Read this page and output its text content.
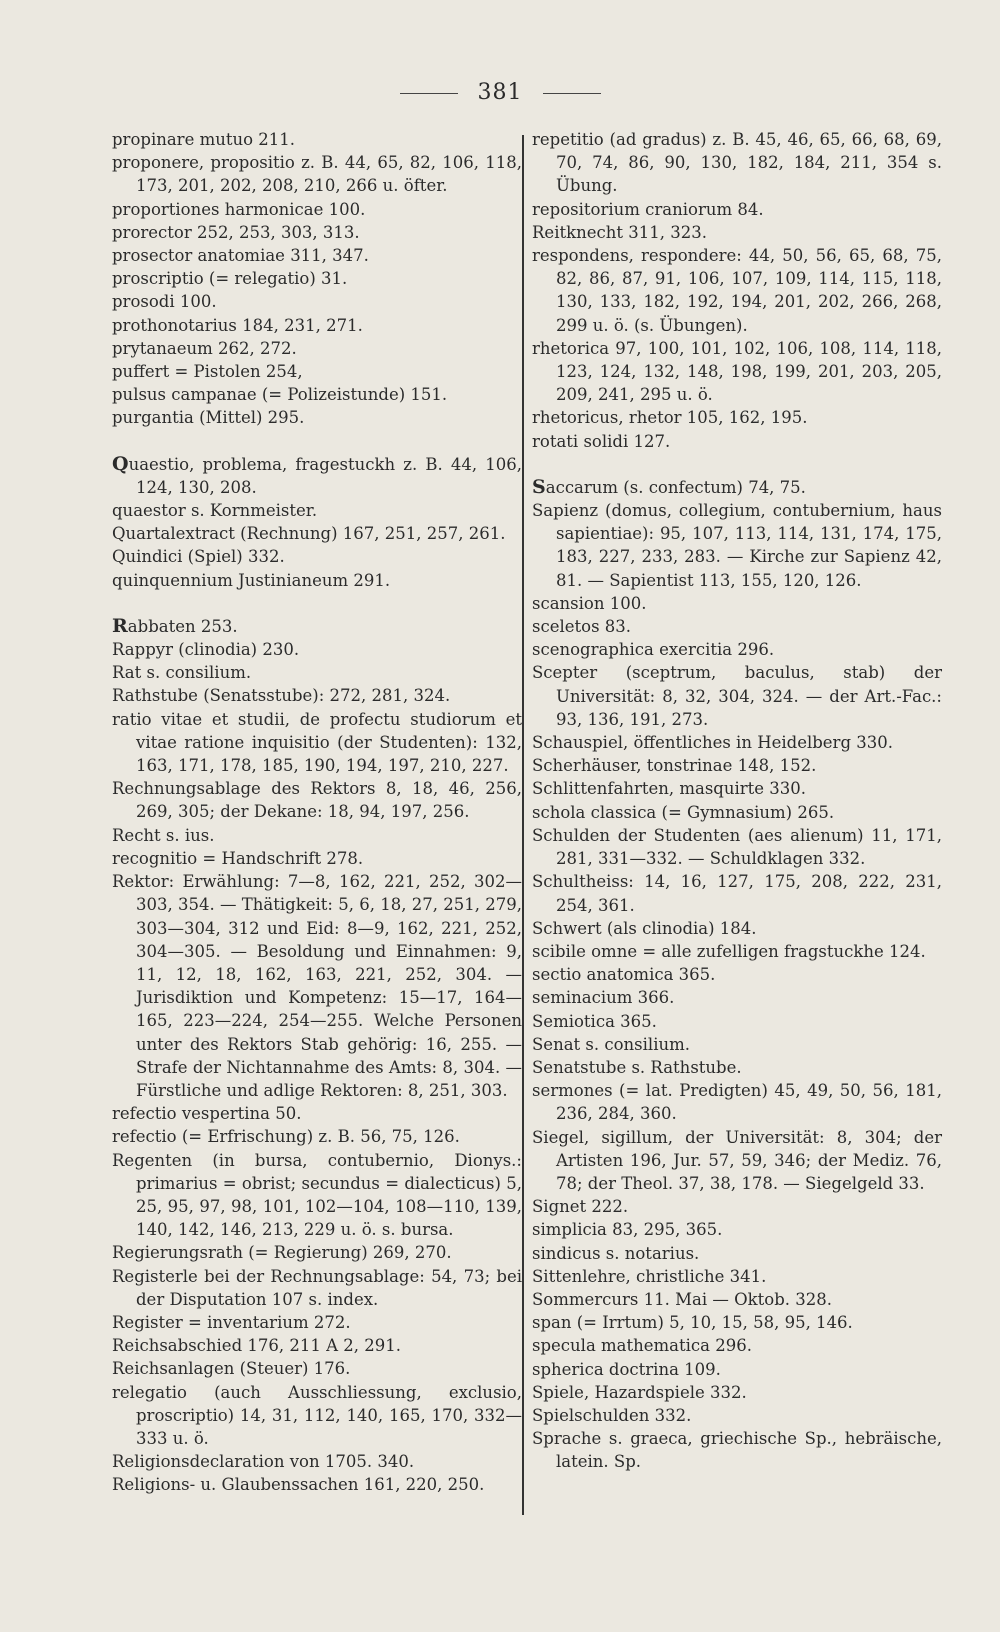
381
propinare mutuo 211.
proponere, propositio z. B. 44, 65, 82, 106, 118, 173, 201, 202, 208, 210, 266 u. öfter.
proportiones harmonicae 100.
prorector 252, 253, 303, 313.
prosector anatomiae 311, 347.
proscriptio (= relegatio) 31.
prosodi 100.
prothonotarius 184, 231, 271.
prytanaeum 262, 272.
puffert = Pistolen 254,
pulsus campanae (= Polizeistunde) 151.
purgantia (Mittel) 295.
Quaestio, problema, fragestuckh z. B. 44, 106, 124, 130, 208.
quaestor s. Kornmeister.
Quartalextract (Rechnung) 167, 251, 257, 261.
Quindici (Spiel) 332.
quinquennium Justinianeum 291.
Rabbaten 253.
Rappyr (clinodia) 230.
Rat s. consilium.
Rathstube (Senatsstube): 272, 281, 324.
ratio vitae et studii, de profectu studiorum et vitae ratione inquisitio (der Studenten): 132, 163, 171, 178, 185, 190, 194, 197, 210, 227.
Rechnungsablage des Rektors 8, 18, 46, 256, 269, 305; der Dekane: 18, 94, 197, 256.
Recht s. ius.
recognitio = Handschrift 278.
Rektor: Erwählung: 7—8, 162, 221, 252, 302—303, 354. — Thätigkeit: 5, 6, 18, 27, 251, 279, 303—304, 312 und Eid: 8—9, 162, 221, 252, 304—305. — Besoldung und Einnahmen: 9, 11, 12, 18, 162, 163, 221, 252, 304. — Jurisdiktion und Kompetenz: 15—17, 164—165, 223—224, 254—255. Welche Personen unter des Rektors Stab gehörig: 16, 255. — Strafe der Nichtannahme des Amts: 8, 304. — Fürstliche und adlige Rektoren: 8, 251, 303.
refectio vespertina 50.
refectio (= Erfrischung) z. B. 56, 75, 126.
Regenten (in bursa, contubernio, Dionys.: primarius = obrist; secundus = dialecticus) 5, 25, 95, 97, 98, 101, 102—104, 108—110, 139, 140, 142, 146, 213, 229 u. ö. s. bursa.
Regierungsrath (= Regierung) 269, 270.
Registerle bei der Rechnungsablage: 54, 73; bei der Disputation 107 s. index.
Register = inventarium 272.
Reichsabschied 176, 211 A 2, 291.
Reichsanlagen (Steuer) 176.
relegatio (auch Ausschliessung, exclusio, proscriptio) 14, 31, 112, 140, 165, 170, 332—333 u. ö.
Religionsdeclaration von 1705. 340.
Religions- u. Glaubenssachen 161, 220, 250.
repetitio (ad gradus) z. B. 45, 46, 65, 66, 68, 69, 70, 74, 86, 90, 130, 182, 184, 211, 354 s. Übung.
repositorium craniorum 84.
Reitknecht 311, 323.
respondens, respondere: 44, 50, 56, 65, 68, 75, 82, 86, 87, 91, 106, 107, 109, 114, 115, 118, 130, 133, 182, 192, 194, 201, 202, 266, 268, 299 u. ö. (s. Übungen).
rhetorica 97, 100, 101, 102, 106, 108, 114, 118, 123, 124, 132, 148, 198, 199, 201, 203, 205, 209, 241, 295 u. ö.
rhetoricus, rhetor 105, 162, 195.
rotati solidi 127.
Saccarum (s. confectum) 74, 75.
Sapienz (domus, collegium, contubernium, haus sapientiae): 95, 107, 113, 114, 131, 174, 175, 183, 227, 233, 283. — Kirche zur Sapienz 42, 81. — Sapientist 113, 155, 120, 126.
scansion 100.
sceletos 83.
scenographica exercitia 296.
Scepter (sceptrum, baculus, stab) der Universität: 8, 32, 304, 324. — der Art.-Fac.: 93, 136, 191, 273.
Schauspiel, öffentliches in Heidelberg 330.
Scherhäuser, tonstrinae 148, 152.
Schlittenfahrten, masquirte 330.
schola classica (= Gymnasium) 265.
Schulden der Studenten (aes alienum) 11, 171, 281, 331—332. — Schuldklagen 332.
Schultheiss: 14, 16, 127, 175, 208, 222, 231, 254, 361.
Schwert (als clinodia) 184.
scibile omne = alle zufelligen fragstuckhe 124.
sectio anatomica 365.
seminacium 366.
Semiotica 365.
Senat s. consilium.
Senatstube s. Rathstube.
sermones (= lat. Predigten) 45, 49, 50, 56, 181, 236, 284, 360.
Siegel, sigillum, der Universität: 8, 304; der Artisten 196, Jur. 57, 59, 346; der Mediz. 76, 78; der Theol. 37, 38, 178. — Siegelgeld 33.
Signet 222.
simplicia 83, 295, 365.
sindicus s. notarius.
Sittenlehre, christliche 341.
Sommercurs 11. Mai — Oktob. 328.
span (= Irrtum) 5, 10, 15, 58, 95, 146.
specula mathematica 296.
spherica doctrina 109.
Spiele, Hazardspiele 332.
Spielschulden 332.
Sprache s. graeca, griechische Sp., hebräische, latein. Sp.
